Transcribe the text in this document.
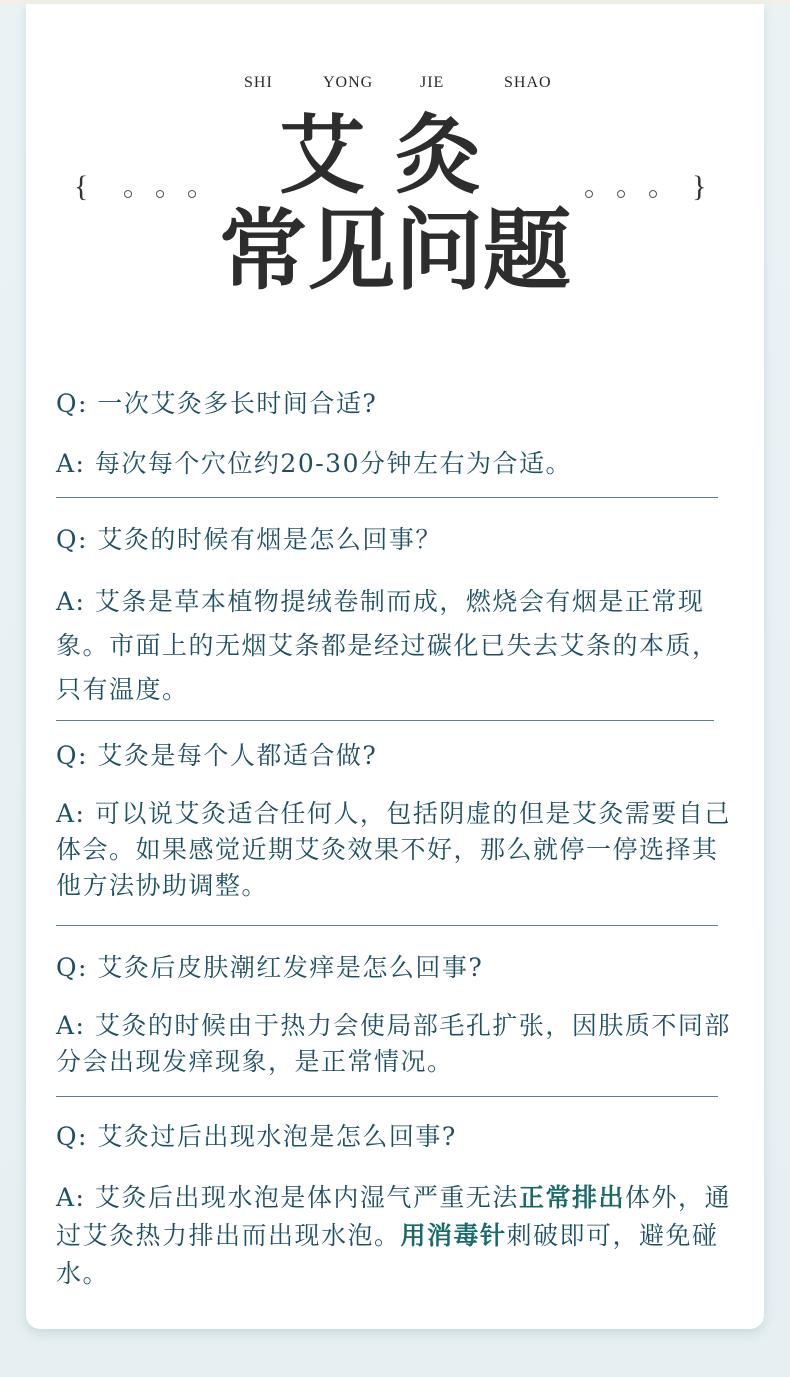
SHI	YONG	JIE	SHAO
艾灸
常见问题
{	}

Q: 一次艾灸多长时间合适?

A: 每次每个穴位约20-30分钟左右为合适。

Q: 艾灸的时候有烟是怎么回事？

A: 艾条是草本植物提绒卷制而成，燃烧会有烟是正常现象。市面上的无烟艾条都是经过碳化已失去艾条的本质，只有温度。

Q: 艾灸是每个人都适合做?

A: 可以说艾灸适合任何人，包括阴虚的但是艾灸需要自己体会。如果感觉近期艾灸效果不好，那么就停一停选择其他方法协助调整。

Q: 艾灸后皮肤潮红发痒是怎么回事?

A: 艾灸的时候由于热力会使局部毛孔扩张，因肤质不同部分会出现发痒现象，是正常情况。

Q: 艾灸过后出现水泡是怎么回事?

A: 艾灸后出现水泡是体内湿气严重无法正常排出体外，通过艾灸热力排出而出现水泡。用消毒针刺破即可，避免碰水。
